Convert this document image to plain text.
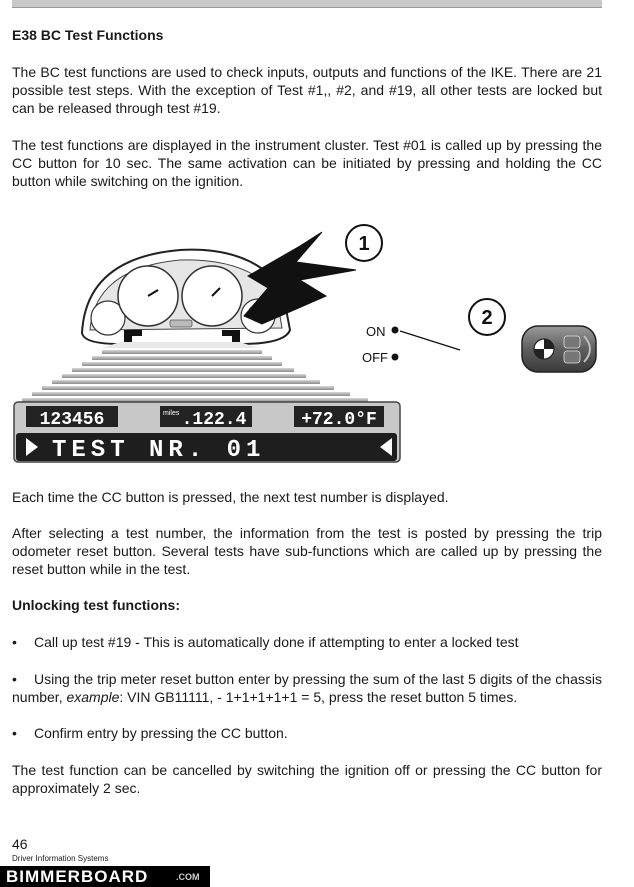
E38 BC Test Functions
The BC test functions are used to check inputs, outputs and functions of the IKE. There are 21 possible test steps. With the exception of Test #1,, #2, and #19, all other tests are locked but can be released through test #19.
The test functions are displayed in the instrument cluster. Test #01 is called up by pressing the CC button for 10 sec. The same activation can be initiated by pressing and holding the CC button while switching on the ignition.
123456	miles .122.4	+72.0°F
TEST NR. 01
1
ON
OFF
2
Each time the CC button is pressed, the next test number is displayed.
After selecting a test number, the information from the test is posted by pressing the trip odometer reset button. Several tests have sub-functions which are called up by pressing the reset button while in the test.
Unlocking test functions:
• Call up test #19 - This is automatically done if attempting to enter a locked test
• Using the trip meter reset button enter by pressing the sum of the last 5 digits of the chassis number, example: VIN GB11111, - 1+1+1+1+1 = 5, press the reset button 5 times.
• Confirm entry by pressing the CC button.
The test function can be cancelled by switching the ignition off or pressing the CC button for approximately 2 sec.
46
Driver Information Systems
BIMMERBOARD	.COM
